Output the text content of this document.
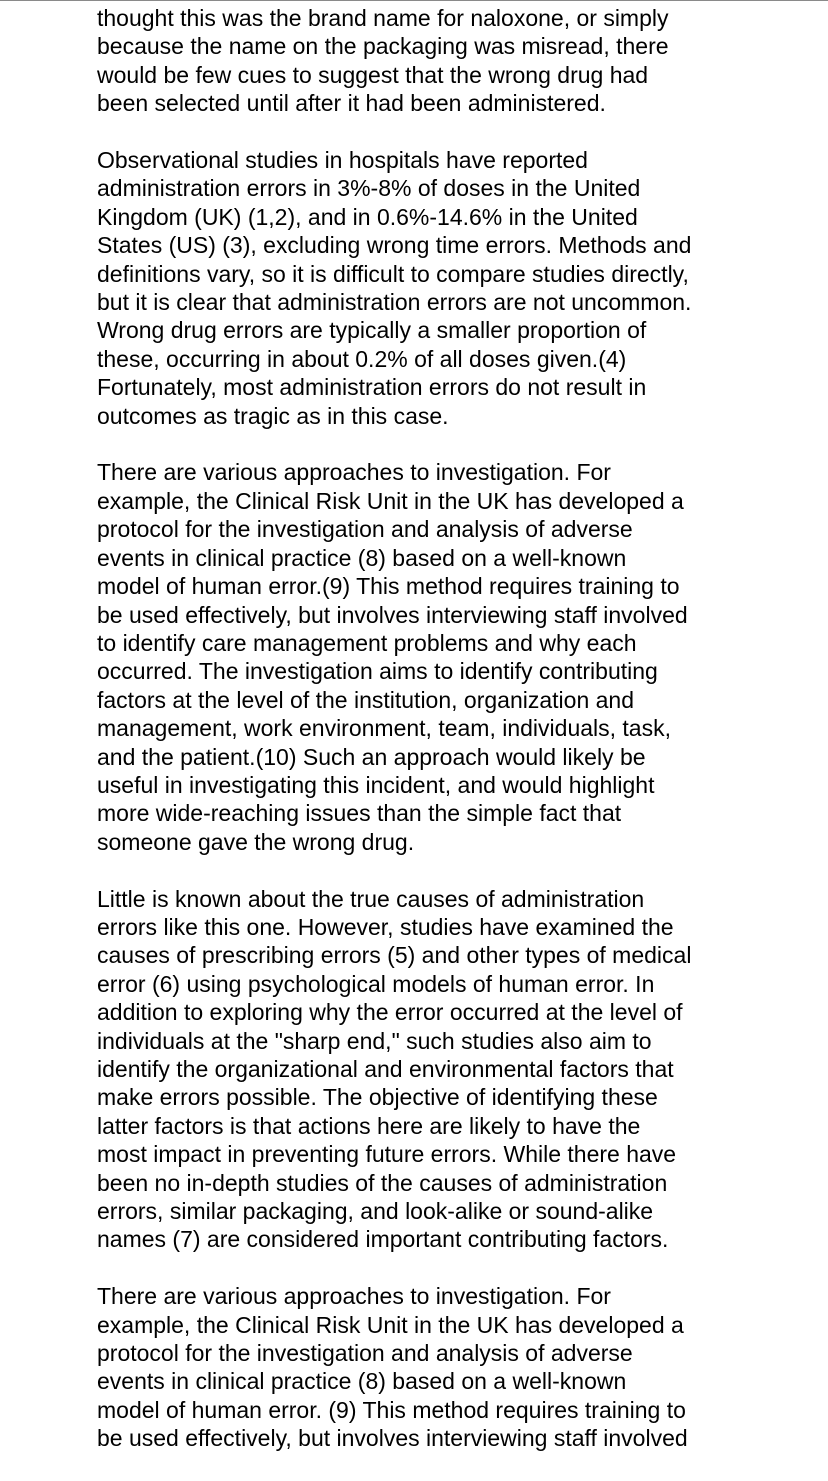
thought this was the brand name for naloxone, or simply
because the name on the packaging was misread, there
would be few cues to suggest that the wrong drug had
been selected until after it had been administered.

Observational studies in hospitals have reported
administration errors in 3%-8% of doses in the United
Kingdom (UK) (1,2), and in 0.6%-14.6% in the United
States (US) (3), excluding wrong time errors. Methods and
definitions vary, so it is difficult to compare studies directly,
but it is clear that administration errors are not uncommon.
Wrong drug errors are typically a smaller proportion of
these, occurring in about 0.2% of all doses given.(4)
Fortunately, most administration errors do not result in
outcomes as tragic as in this case.

There are various approaches to investigation. For
example, the Clinical Risk Unit in the UK has developed a
protocol for the investigation and analysis of adverse
events in clinical practice (8) based on a well-known
model of human error.(9) This method requires training to
be used effectively, but involves interviewing staff involved
to identify care management problems and why each
occurred. The investigation aims to identify contributing
factors at the level of the institution, organization and
management, work environment, team, individuals, task,
and the patient.(10) Such an approach would likely be
useful in investigating this incident, and would highlight
more wide-reaching issues than the simple fact that
someone gave the wrong drug.

Little is known about the true causes of administration
errors like this one. However, studies have examined the
causes of prescribing errors (5) and other types of medical
error (6) using psychological models of human error. In
addition to exploring why the error occurred at the level of
individuals at the "sharp end," such studies also aim to
identify the organizational and environmental factors that
make errors possible. The objective of identifying these
latter factors is that actions here are likely to have the
most impact in preventing future errors. While there have
been no in-depth studies of the causes of administration
errors, similar packaging, and look-alike or sound-alike
names (7) are considered important contributing factors.

There are various approaches to investigation. For
example, the Clinical Risk Unit in the UK has developed a
protocol for the investigation and analysis of adverse
events in clinical practice (8) based on a well-known
model of human error. (9) This method requires training to
be used effectively, but involves interviewing staff involved
